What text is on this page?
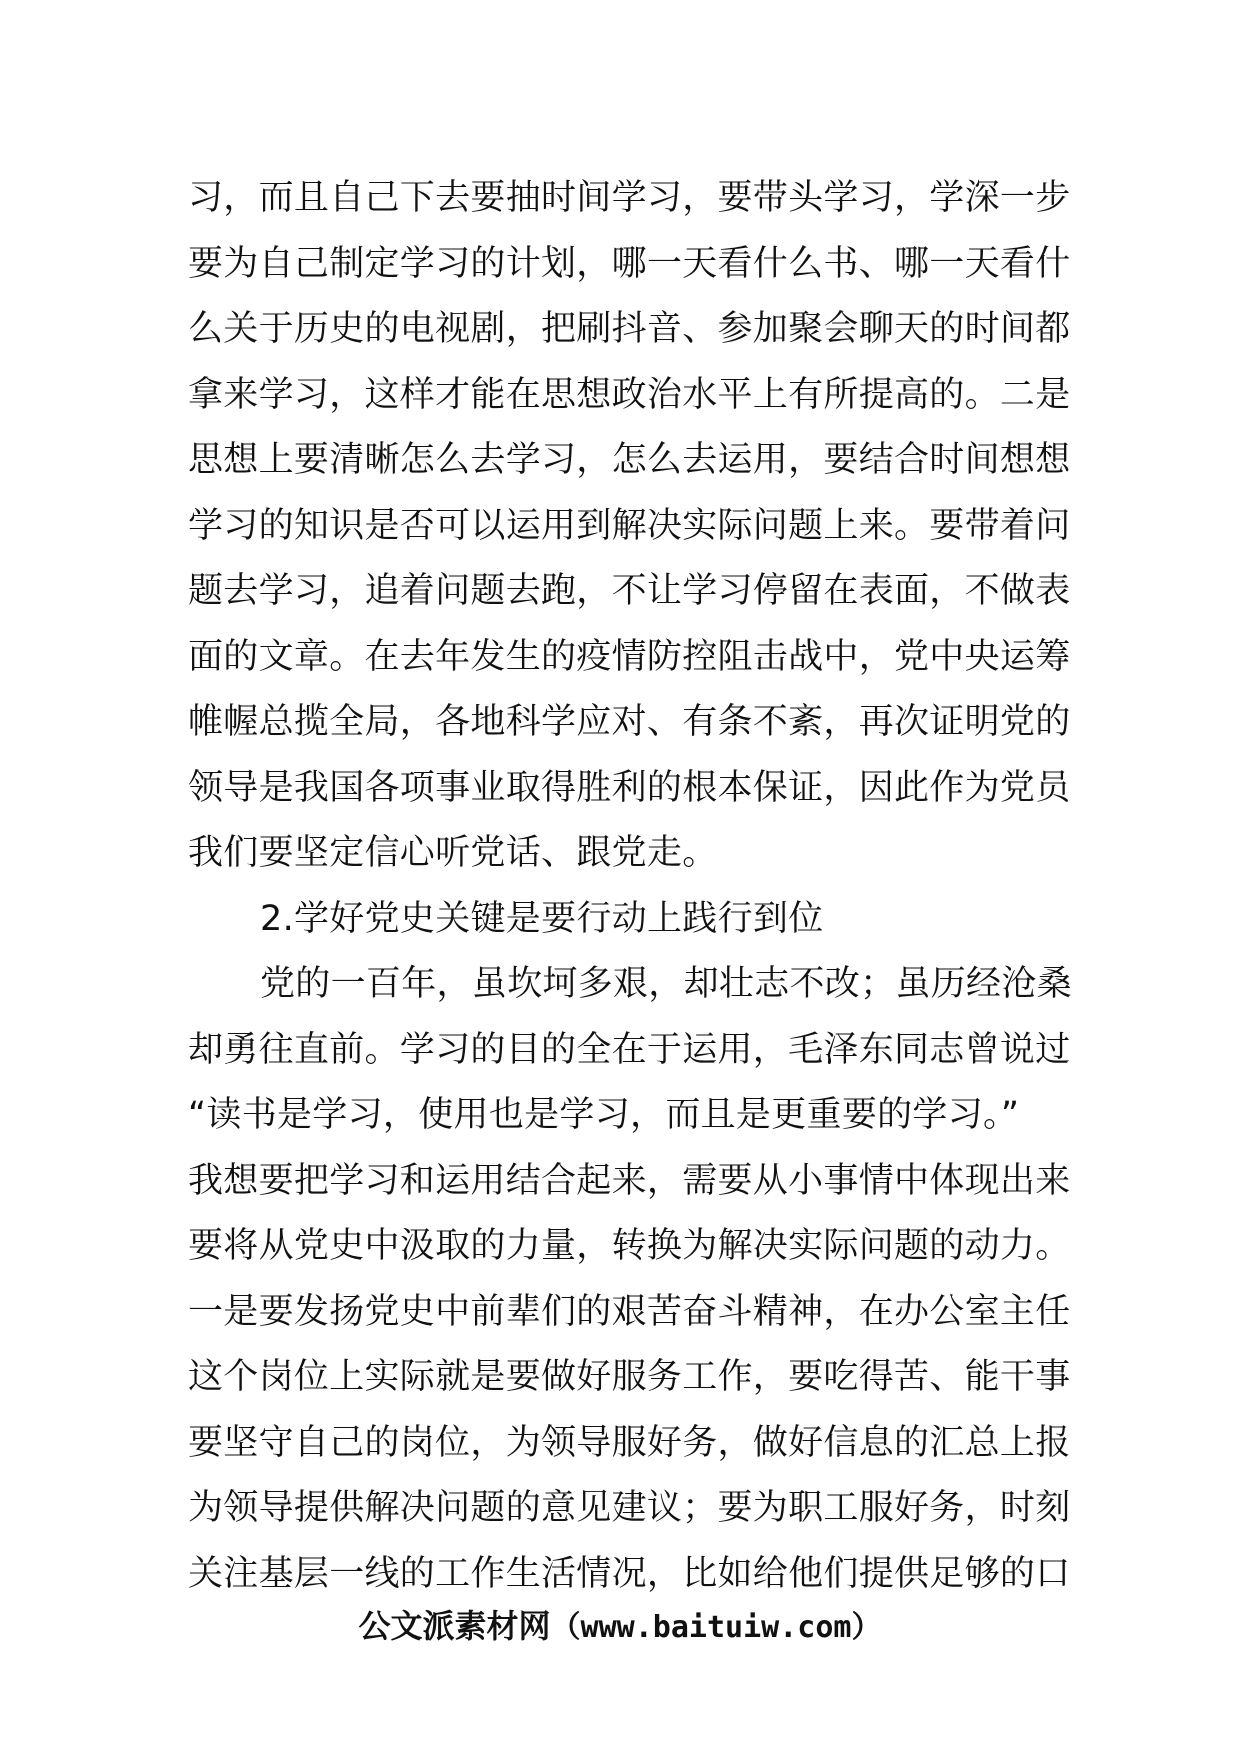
习，而且自己下去要抽时间学习，要带头学习，学深一步
要为自己制定学习的计划，哪一天看什么书、哪一天看什
么关于历史的电视剧，把刷抖音、参加聚会聊天的时间都
拿来学习，这样才能在思想政治水平上有所提高的。二是
思想上要清晰怎么去学习，怎么去运用，要结合时间想想
学习的知识是否可以运用到解决实际问题上来。要带着问
题去学习，追着问题去跑，不让学习停留在表面，不做表
面的文章。在去年发生的疫情防控阻击战中，党中央运筹
帷幄总揽全局，各地科学应对、有条不紊，再次证明党的
领导是我国各项事业取得胜利的根本保证，因此作为党员
我们要坚定信心听党话、跟党走。
2.学好党史关键是要行动上践行到位
党的一百年，虽坎坷多艰，却壮志不改；虽历经沧桑
却勇往直前。学习的目的全在于运用，毛泽东同志曾说过
“读书是学习，使用也是学习，而且是更重要的学习。”
我想要把学习和运用结合起来，需要从小事情中体现出来
要将从党史中汲取的力量，转换为解决实际问题的动力。
一是要发扬党史中前辈们的艰苦奋斗精神，在办公室主任
这个岗位上实际就是要做好服务工作，要吃得苦、能干事
要坚守自己的岗位，为领导服好务，做好信息的汇总上报
为领导提供解决问题的意见建议；要为职工服好务，时刻
关注基层一线的工作生活情况，比如给他们提供足够的口
公文派素材网（www.baituiw.com）
